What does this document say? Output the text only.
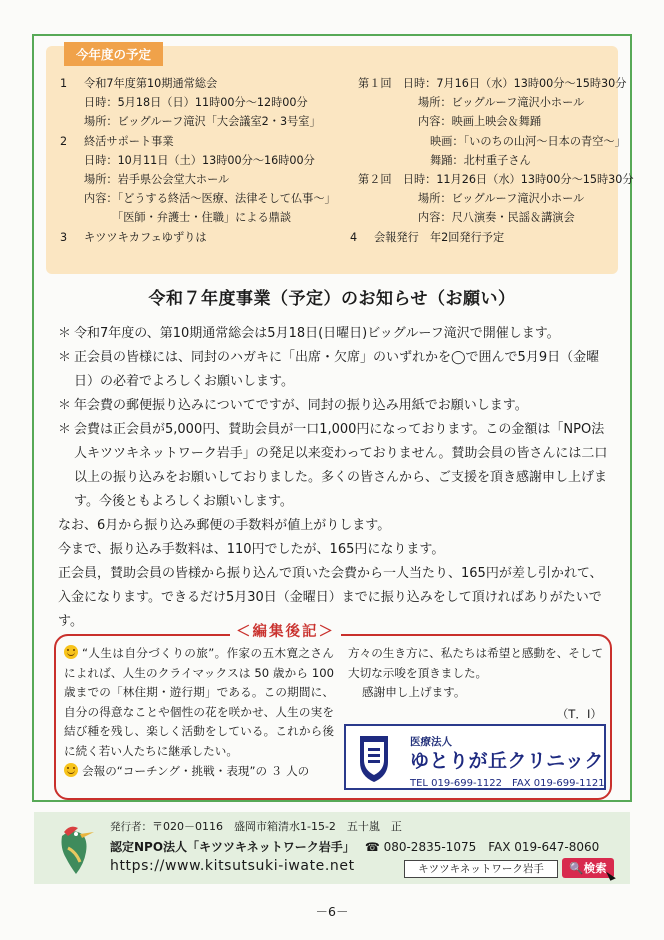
今年度の予定
1 令和7年度第10期通常総会
日時：5月18日（日）11時00分～12時00分
場所：ビッグルーフ滝沢「大会議室2・3号室」
2 終活サポート事業
日時：10月11日（土）13時00分～16時00分
場所：岩手県公会堂大ホール
内容：「どうする終活～医療、法律そして仏事～」
「医師・弁護士・住職」による鼎談
3 キツツキカフェゆずりは
第１回　日時：7月16日（水）13時00分～15時30分
場所：ビッグルーフ滝沢小ホール
内容：映画上映会＆舞踊
映画：「いのちの山河～日本の青空～」
舞踊：北村重子さん
第２回　日時：11月26日（水）13時00分～15時30分
場所：ビッグルーフ滝沢小ホール
内容：尺八演奏・民謡＆講演会
4 会報発行　年2回発行予定
令和７年度事業（予定）のお知らせ（お願い）

＊ 令和7年度の、第10期通常総会は5月18日(日曜日)ビッグルーフ滝沢で開催します。

＊ 正会員の皆様には、同封のハガキに「出席・欠席」のいずれかを◯で囲んで5月9日（金曜日）の必着でよろしくお願いします。

＊ 年会費の郵便振り込みについてですが、同封の振り込み用紙でお願いします。

＊ 会費は正会員が5,000円、賛助会員が一口1,000円になっております。この金額は「NPO法人キツツキネットワーク岩手」の発足以来変わっておりません。賛助会員の皆さんには二口以上の振り込みをお願いしておりました。多くの皆さんから、ご支援を頂き感謝申し上げます。今後ともよろしくお願いします。

なお、6月から振り込み郵便の手数料が値上がりします。

今まで、振り込み手数料は、110円でしたが、165円になります。

正会員，賛助会員の皆様から振り込んで頂いた会費から一人当たり、165円が差し引かれて、入金になります。できるだけ5月30日（金曜日）までに振り込みをして頂ければありがたいです。

＜編集後記＞

“人生は自分づくりの旅”。作家の五木寛之さんによれば、人生のクライマックスは 50 歳から 100 歳までの「林住期・遊行期」である。この期間に、自分の得意なことや個性の花を咲かせ、人生の実を結び種を残し、楽しく活動をしている。これから後に続く若い人たちに継承したい。

会報の“コーチング・挑戦・表現”の ３ 人の

方々の生き方に、私たちは希望と感動を、そして大切な示唆を頂きました。

感謝申し上げます。

（T．I）

医療法人
ゆとりが丘クリニック
TEL 019-699-1122　FAX 019-699-1121
発行者：〒020－0116　盛岡市箱清水1-15-2　五十嵐　正
認定NPO法人「キツツキネットワーク岩手」 ☎ 080-2835-1075 FAX 019-647-8060
https://www.kitsutsuki-iwate.net	キツツキネットワーク岩手	🔍検索
－6－
